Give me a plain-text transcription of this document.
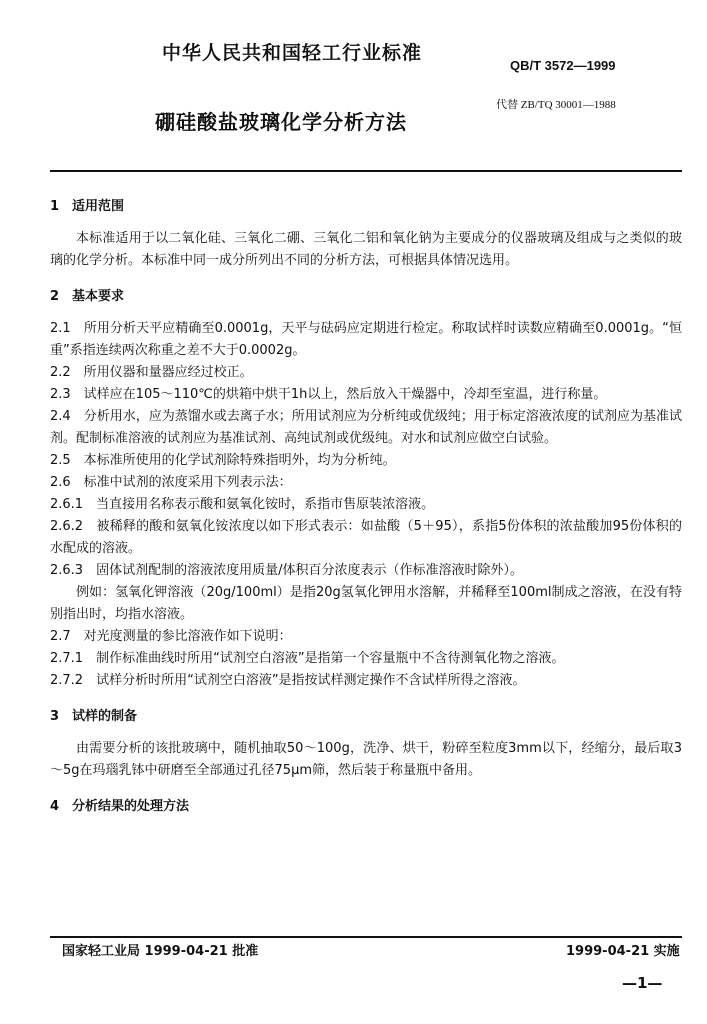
中华人民共和国轻工行业标准
QB/T 3572—1999
硼硅酸盐玻璃化学分析方法
代替 ZB/TQ 30001—1988

1　适用范围

本标准适用于以二氧化硅、三氧化二硼、三氧化二铝和氧化钠为主要成分的仪器玻璃及组成与之类似的玻璃的化学分析。本标准中同一成分所列出不同的分析方法，可根据具体情况选用。

2　基本要求

2.1　所用分析天平应精确至0.0001g，天平与砝码应定期进行检定。称取试样时读数应精确至0.0001g。“恒重”系指连续两次称重之差不大于0.0002g。

2.2　所用仪器和量器应经过校正。

2.3　试样应在105～110℃的烘箱中烘干1h以上，然后放入干燥器中，冷却至室温，进行称量。

2.4　分析用水，应为蒸馏水或去离子水；所用试剂应为分析纯或优级纯；用于标定溶液浓度的试剂应为基准试剂。配制标准溶液的试剂应为基准试剂、高纯试剂或优级纯。对水和试剂应做空白试验。

2.5　本标准所使用的化学试剂除特殊指明外，均为分析纯。

2.6　标准中试剂的浓度采用下列表示法：

2.6.1　当直接用名称表示酸和氨氧化铵时，系指市售原装浓溶液。

2.6.2　被稀释的酸和氨氧化铵浓度以如下形式表示：如盐酸（5＋95），系指5份体积的浓盐酸加95份体积的水配成的溶液。

2.6.3　固体试剂配制的溶液浓度用质量/体积百分浓度表示（作标准溶液时除外）。

例如：氢氧化钾溶液（20g/100ml）是指20g氢氧化钾用水溶解，并稀释至100ml制成之溶液，在没有特别指出时，均指水溶液。

2.7　对光度测量的参比溶液作如下说明：

2.7.1　制作标准曲线时所用“试剂空白溶液”是指第一个容量瓶中不含待测氧化物之溶液。

2.7.2　试样分析时所用“试剂空白溶液”是指按试样测定操作不含试样所得之溶液。

3　试样的制备

由需要分析的该批玻璃中，随机抽取50～100g，洗净、烘干，粉碎至粒度3mm以下，经缩分，最后取3～5g在玛瑙乳钵中研磨至全部通过孔径75μm筛，然后装于称量瓶中备用。

4　分析结果的处理方法

国家轻工业局 1999-04-21 批准	1999-04-21 实施
—1—
